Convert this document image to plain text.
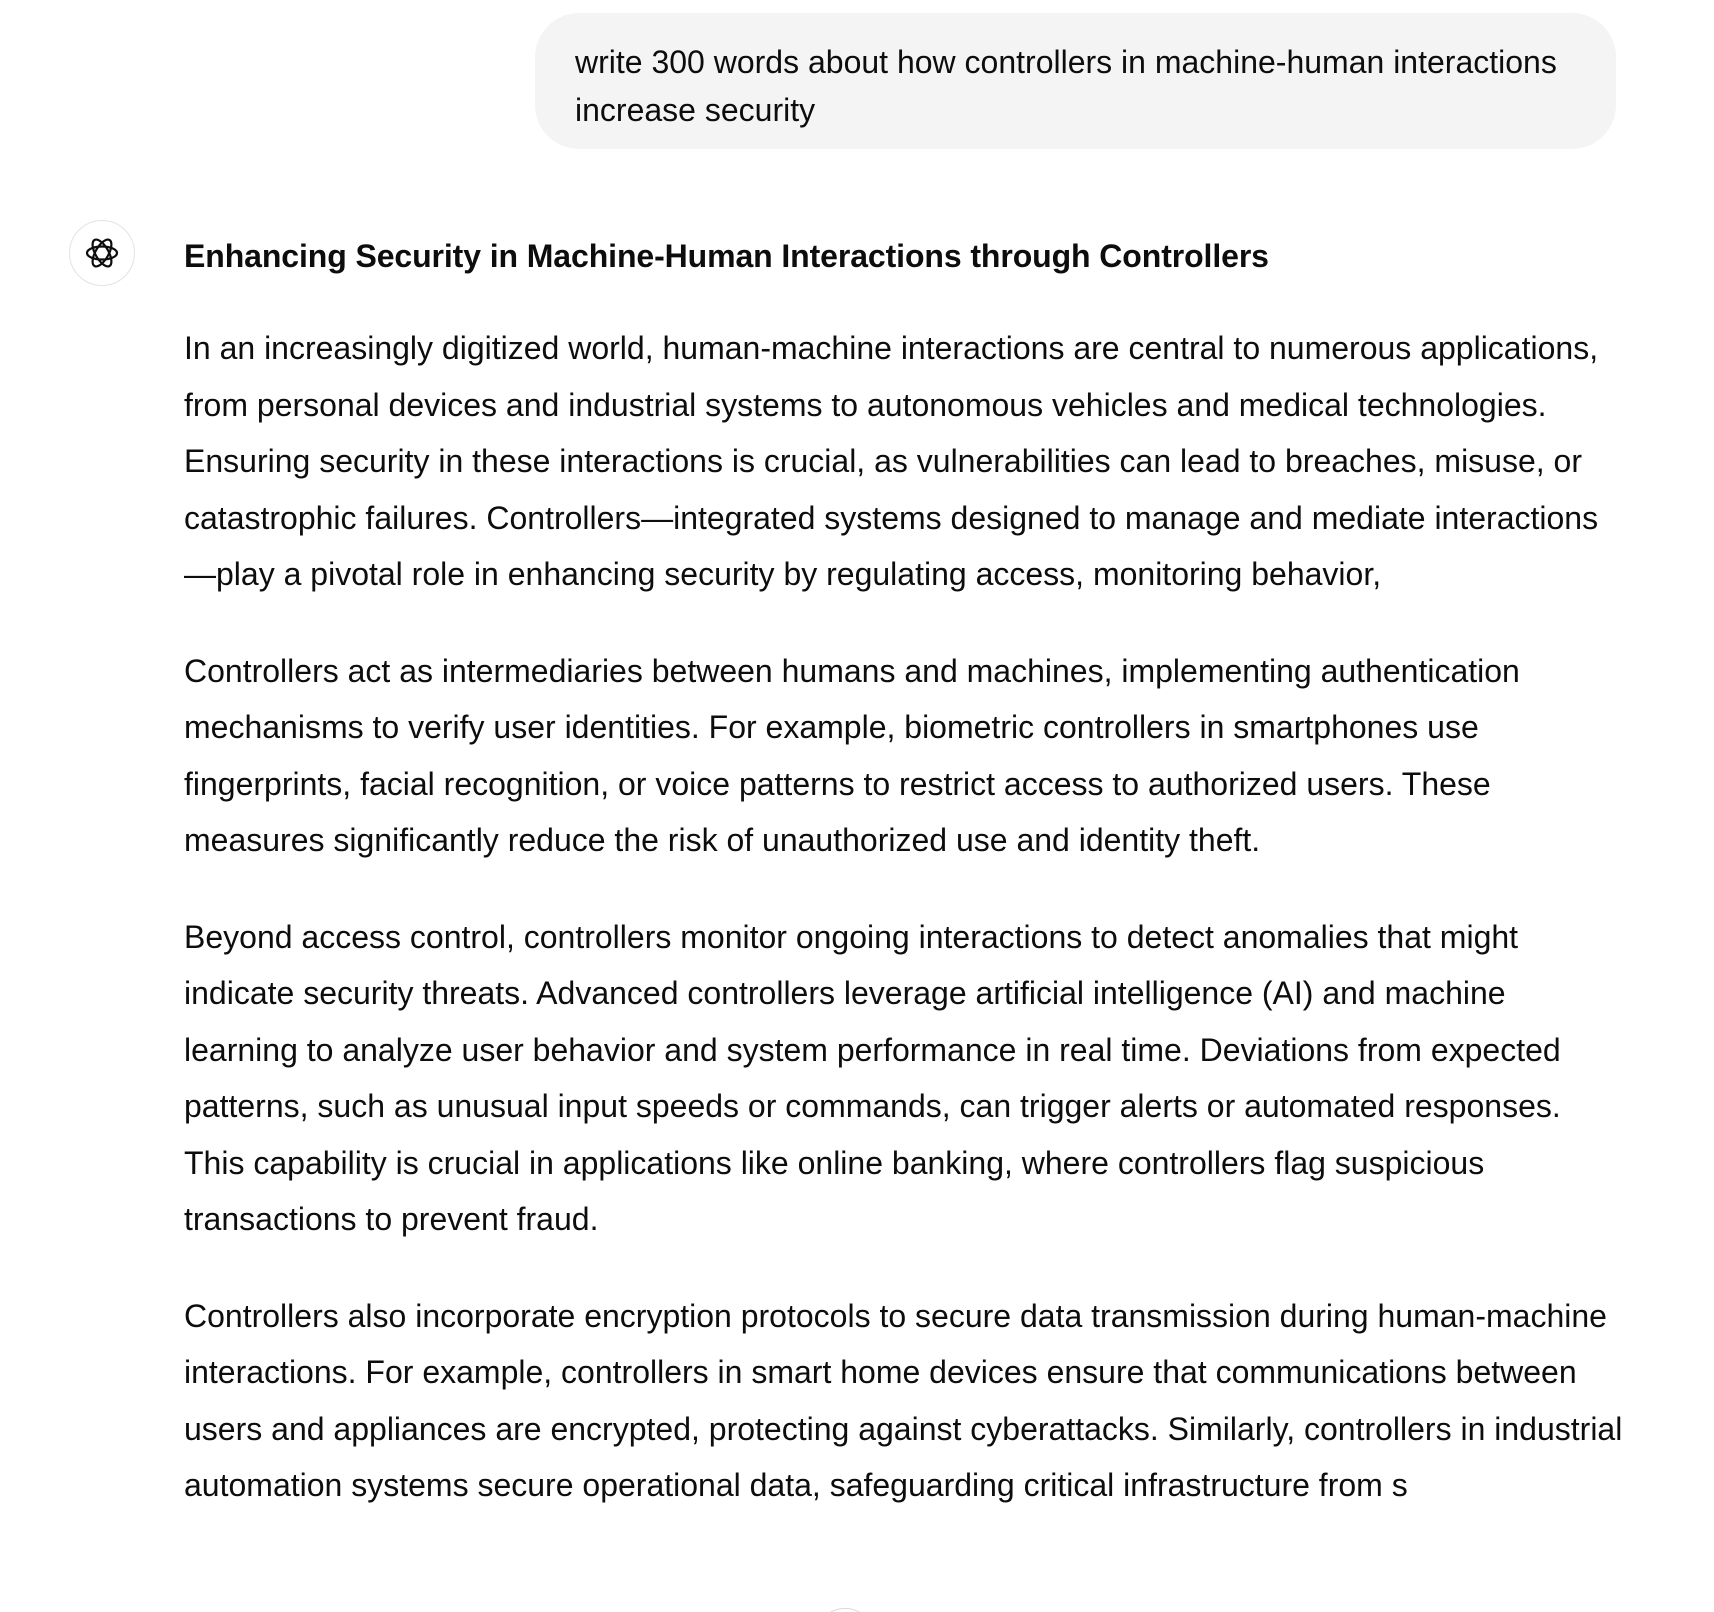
write 300 words about how controllers in machine-human interactions increase security
Enhancing Security in Machine-Human Interactions through Controllers

In an increasingly digitized world, human-machine interactions are central to numerous applications, from personal devices and industrial systems to autonomous vehicles and medical technologies. Ensuring security in these interactions is crucial, as vulnerabilities can lead to breaches, misuse, or catastrophic failures. Controllers—integrated systems designed to manage and mediate interactions—play a pivotal role in enhancing security by regulating access, monitoring behavior,

Controllers act as intermediaries between humans and machines, implementing authentication mechanisms to verify user identities. For example, biometric controllers in smartphones use fingerprints, facial recognition, or voice patterns to restrict access to authorized users. These measures significantly reduce the risk of unauthorized use and identity theft.

Beyond access control, controllers monitor ongoing interactions to detect anomalies that might indicate security threats. Advanced controllers leverage artificial intelligence (AI) and machine learning to analyze user behavior and system performance in real time. Deviations from expected patterns, such as unusual input speeds or commands, can trigger alerts or automated responses. This capability is crucial in applications like online banking, where controllers flag suspicious transactions to prevent fraud.

Controllers also incorporate encryption protocols to secure data transmission during human-machine interactions. For example, controllers in smart home devices ensure that communications between users and appliances are encrypted, protecting against cyberattacks. Similarly, controllers in industrial automation systems secure operational data, safeguarding critical infrastructure from s
